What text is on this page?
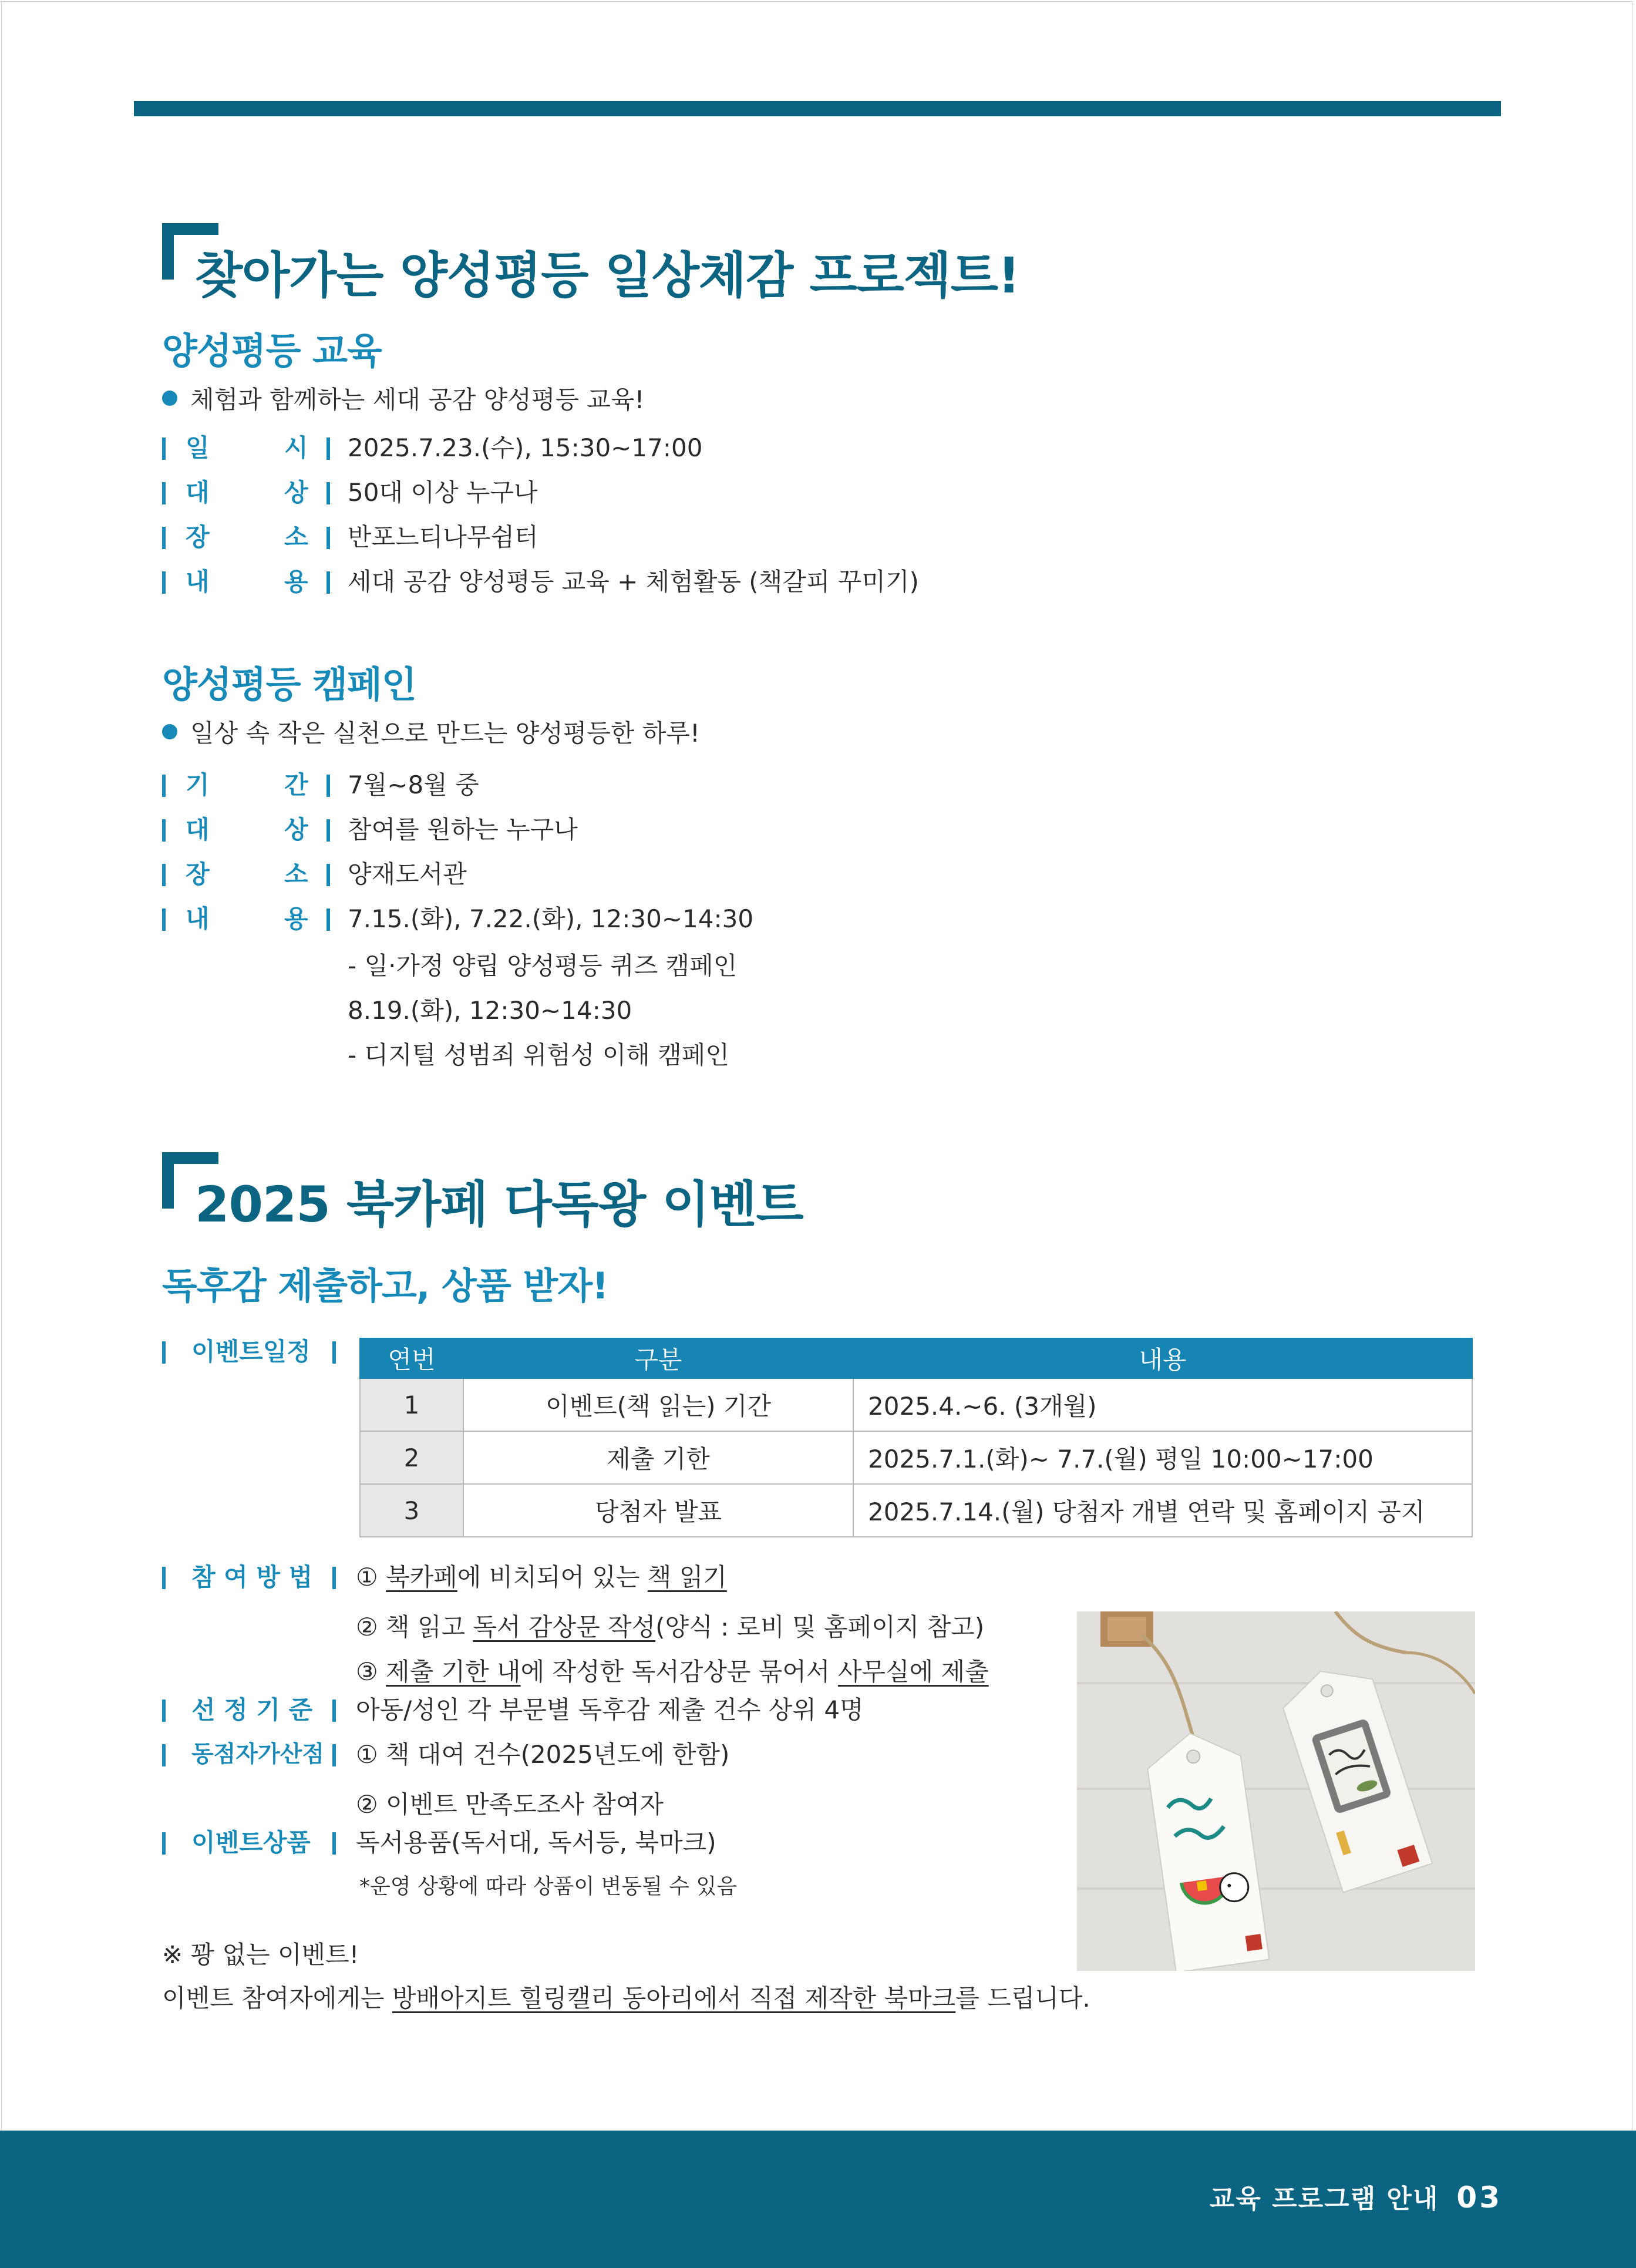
찾아가는 양성평등 일상체감 프로젝트!
양성평등 교육
체험과 함께하는 세대 공감 양성평등 교육!
일	시 2025.7.23.(수), 15:30~17:00
대	상 50대 이상 누구나
장	소 반포느티나무쉼터
내	용 세대 공감 양성평등 교육 + 체험활동 (책갈피 꾸미기)
양성평등 캠페인
일상 속 작은 실천으로 만드는 양성평등한 하루!
기	간 7월~8월 중
대	상 참여를 원하는 누구나
장	소 양재도서관
내	용 7.15.(화), 7.22.(화), 12:30~14:30
- 일·가정 양립 양성평등 퀴즈 캠페인
8.19.(화), 12:30~14:30
- 디지털 성범죄 위험성 이해 캠페인
2025 북카페 다독왕 이벤트
독후감 제출하고, 상품 받자!
이벤트일정	연번	구분	내용
1	이벤트(책 읽는) 기간	2025.4.~6. (3개월)
2	제출 기한	2025.7.1.(화)~ 7.7.(월) 평일 10:00~17:00
3	당첨자 발표	2025.7.14.(월) 당첨자 개별 연락 및 홈페이지 공지
참 여 방 법 ① 북카페에 비치되어 있는 책 읽기
② 책 읽고 독서 감상문 작성(양식 : 로비 및 홈페이지 참고)
③ 제출 기한 내에 작성한 독서감상문 묶어서 사무실에 제출
선 정 기 준 아동/성인 각 부문별 독후감 제출 건수 상위 4명
동점자가산점 ① 책 대여 건수(2025년도에 한함)
② 이벤트 만족도조사 참여자
이벤트상품 독서용품(독서대, 독서등, 북마크)
*운영 상황에 따라 상품이 변동될 수 있음
※ 꽝 없는 이벤트!
이벤트 참여자에게는 방배아지트 힐링캘리 동아리에서 직접 제작한 북마크를 드립니다.
교육 프로그램 안내 03
